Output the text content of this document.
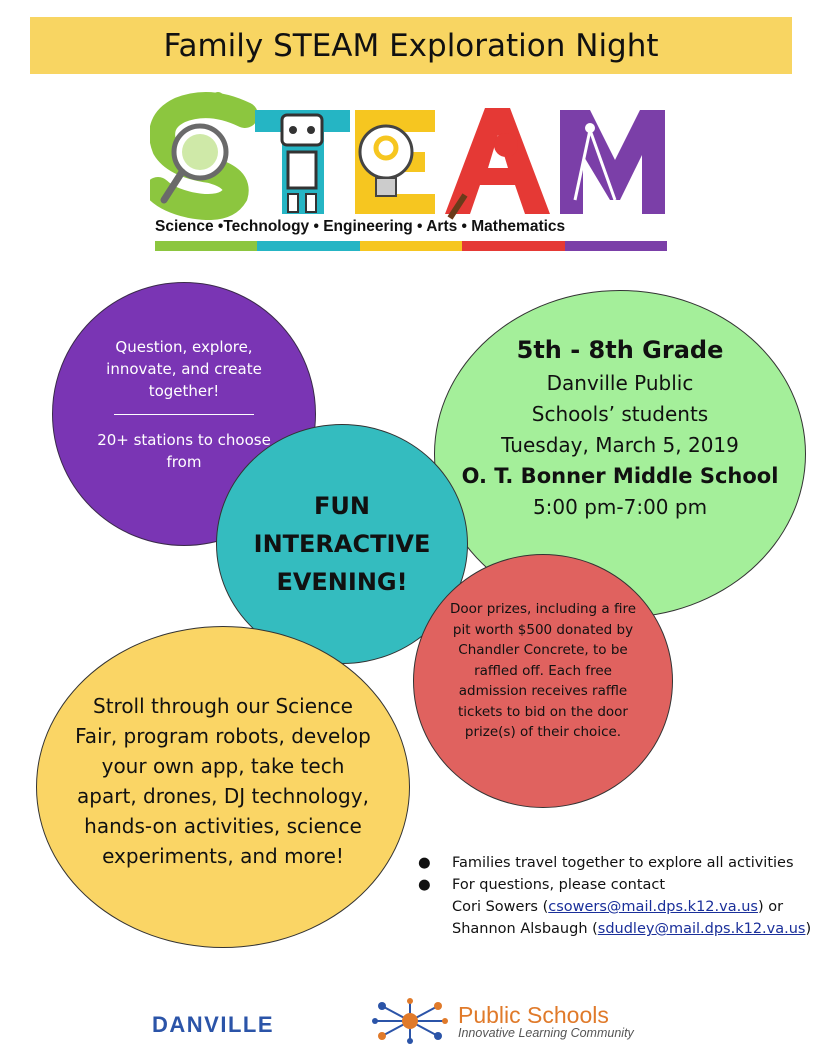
Family STEAM Exploration Night
Science •Technology • Engineering • Arts • Mathematics
Question, explore, innovate, and create together!
20+ stations to choose from
5th - 8th Grade
Danville Public Schools’ students
Tuesday, March 5, 2019
O. T. Bonner Middle School
5:00 pm-7:00 pm
FUN INTERACTIVE EVENING!
Door prizes, including a fire pit worth $500 donated by Chandler Concrete, to be raffled off. Each free admission receives raffle tickets to bid on the door prize(s) of their choice.
Stroll through our Science Fair, program robots, develop your own app, take tech apart, drones, DJ technology, hands-on activities, science experiments, and more!	●	Families travel together to explore all activities
●	For questions, please contact
Cori Sowers (csowers@mail.dps.k12.va.us) or
Shannon Alsbaugh (sdudley@mail.dps.k12.va.us)
DANVILLE	Public Schools
Innovative Learning Community
